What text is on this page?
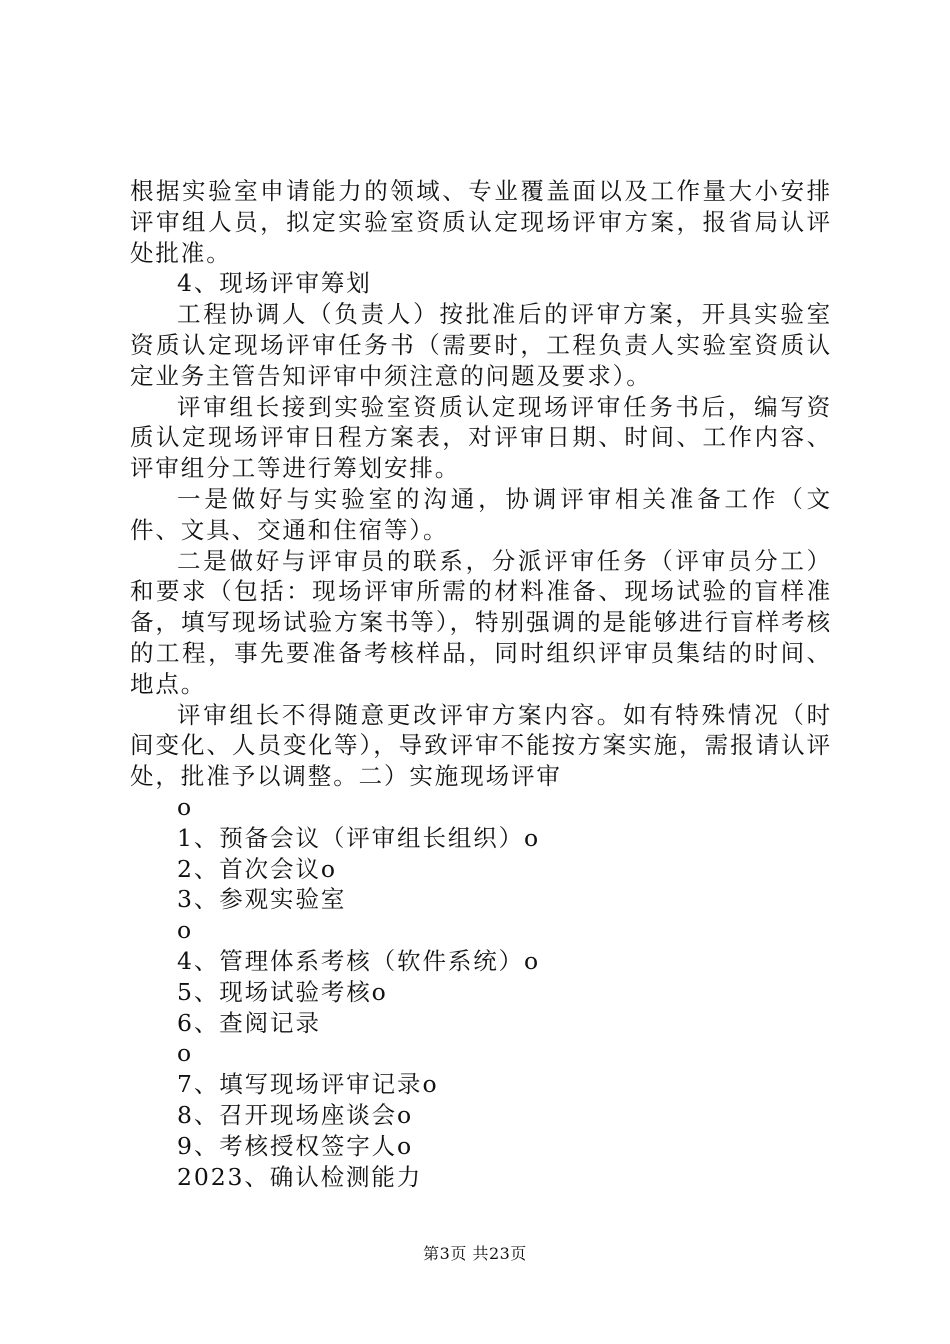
根据实验室申请能力的领域、专业覆盖面以及工作量大小安排评审组人员，拟定实验室资质认定现场评审方案，报省局认评处批准。

4、现场评审筹划

工程协调人（负责人）按批准后的评审方案，开具实验室资质认定现场评审任务书（需要时，工程负责人实验室资质认定业务主管告知评审中须注意的问题及要求）。

评审组长接到实验室资质认定现场评审任务书后，编写资质认定现场评审日程方案表，对评审日期、时间、工作内容、评审组分工等进行筹划安排。

一是做好与实验室的沟通，协调评审相关准备工作（文件、文具、交通和住宿等）。

二是做好与评审员的联系，分派评审任务（评审员分工）和要求（包括：现场评审所需的材料准备、现场试验的盲样准备，填写现场试验方案书等），特别强调的是能够进行盲样考核的工程，事先要准备考核样品，同时组织评审员集结的时间、地点。

评审组长不得随意更改评审方案内容。如有特殊情况（时间变化、人员变化等），导致评审不能按方案实施，需报请认评处，批准予以调整。二）实施现场评审

o

1、预备会议（评审组长组织）o

2、首次会议o

3、参观实验室

o

4、管理体系考核（软件系统）o

5、现场试验考核o

6、查阅记录

o

7、填写现场评审记录o

8、召开现场座谈会o

9、考核授权签字人o

2023、确认检测能力

第3页 共23页
